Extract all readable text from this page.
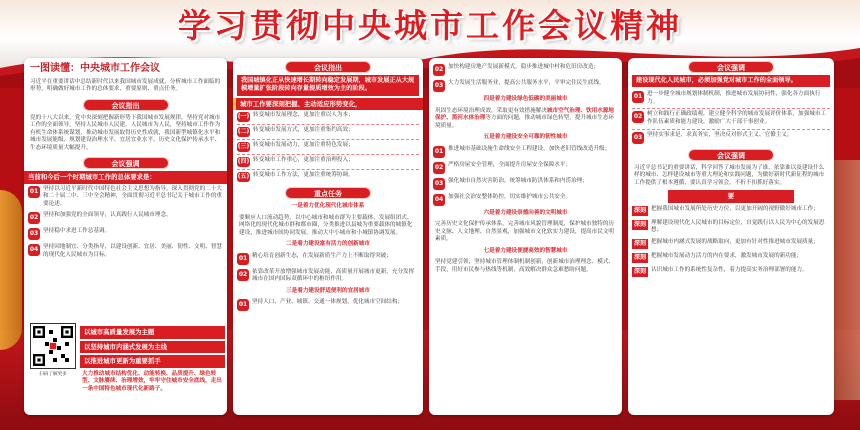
学习贯彻中央城市工作会议精神
一图读懂：中央城市工作会议
习近平在重要讲话中总结新时代以来我国城市发展成就，分析城市工作面临的形势，明确做好城市工作的总体要求、重要原则、重点任务。
会议指出
党的十八大以来，党中央深刻把握新形势下我国城市发展规律，坚持党对城市工作的全面领导，坚持人民城市人民建，人民城市为人民，坚持城市工作作为有机生命体系统谋划，推动城市发展取得历史性成就，我国新型城镇化水平和城市发展能级、规划建设治理水平、宜居宜业水平、历史文化保护传承水平、生态环境质量大幅提升。
会议强调
当前和今后一个时期城市工作的总体要求是：
01 坚持以习近平新时代中国特色社会主义思想为指导，深入贯彻党的二十大和二十届二中、三中全会精神，全面贯彻习近平总书记关于城市工作的重要论述。
02 坚持和加强党的全面领导，认真践行人民城市理念。
03 坚持稳中求进工作总基调。
04 坚持因地制宜、分类指导，以建设创新、宜居、美丽、韧性、文明、智慧的现代化人民城市为目标。
扫码了解更多
以城市高质量发展为主题
以坚持城市内涵式发展为主线
以推进城市更新为重要抓手
大力推动城市结构优化、动能转换、品质提升、绿色转型、文脉赓续、治理增效，牢牢守住城市安全底线，走出一条中国特色城市现代化新路子。
会议指出
我国城镇化正从快速增长期转向稳定发展期，城市发展正从大规模增量扩张阶段转向存量提质增效为主的阶段。
城市工作要深刻把握、主动适应形势变化，
(一) 转变城市发展理念，更加注重以人为本；
(二) 转变城市发展方式，更加注重集约高效；
(三) 转变城市发展动力，更加注重特色发展；
(四) 转变城市工作重心，更加注重治理投入；
(五) 转变城市工作方法，更加注重统筹协调。
重点任务
一是着力优化现代化城市体系
要顺应人口流动趋势，以中心城市和城市群为主要载体，发展组团式、网络化的现代化城市群和都市圈，分类推进以县城为重要载体的城镇化建设，推进城市间协同发展，推动大中小城市和小城镇协调发展。
二是着力建设富有活力的创新城市
01 精心培育创新生态，在发展新质生产力上不断取得突破；
02 依靠改革开放增强城市发展动能，高质量开展城市更新，充分发挥城市在国内国际双循环中的枢纽作用。
三是着力建设舒适便利的宜居城市
01 坚持人口、产业、城镇、交通一体规划，优化城市空间结构；
02 加快构建房地产发展新模式，稳步推进城中村和危旧房改造；
03 大力发展生活服务业，提高公共服务水平，平审完住民生底线。
四是着力建设绿色低碳的美丽城市
巩固生态环境治理成效，采取更有效措施解决城市空气治理、饮用水源地保护、黑河水体治理等方面的问题，推动城市绿色转型，提升城市生态环境质量。
五是着力建设安全可靠的韧性城市
01 推进城市基础设施生命线安全工程建设，加快老旧管线改造升级；
02 严格房屋安全管理，全面提升房屋安全保障水平；
03 强化城市自然灾害防治，统筹城市防洪体系和内涝治理；
04 加强社会治安整体防控，切实维护城市公共安全。
六是着力建设崇德向善的文明城市
完善历史文化保护传承体系，完善城市风貌管理制度，保护城市独特的历史文脉、人文地理、自然景观，加强城市文化软实力建设，提高市民文明素质。
七是着力建设便捷高效的智慧城市
坚持党建引领，坚持城市管理体制机制创新，创新城市治理理念、模式、手段，用好市民参与热线等机制，高效解决群众急难愁盼问题。
会议强调
建设现代化人民城市，必须加强党对城市工作的全面领导。
01 进一步健全城市规划体制机制，推进城市发展协同性，强化各方面执行力。
02 树立和践行正确政绩观，建立健全科学的城市发展评价体系，加强城市工作队伍素质和能力建设，激励广大干部干事创业。
03 坚持实事求是、求真务实，坚决反对形式主义、官僚主义。
会议强调
习近平总书记的重要讲话，科学回答了城市发展为了谁、依靠谁以及建设什么样的城市、怎样建设城市等重大理论和实践问题，为做好新时代新征程的城市工作提供了根本遵循，要认真学习领会，不折不扣抓好落实。
要
深刻 把握我国城市发展所处历史方位，以更加开阔的视野做好城市工作；
深刻 理解建设现代化人民城市的目标定位，自觉践行以人民为中心的发展思想；
深刻 把握城市内涵式发展的战略取向，更加有针对性推进城市发展质量；
深刻 把握城市发展动力活力的内在要求，激发城市发展的新功能；
深刻 认识城市工作的系统性复杂性，着力提高实务治理部署的能力。
